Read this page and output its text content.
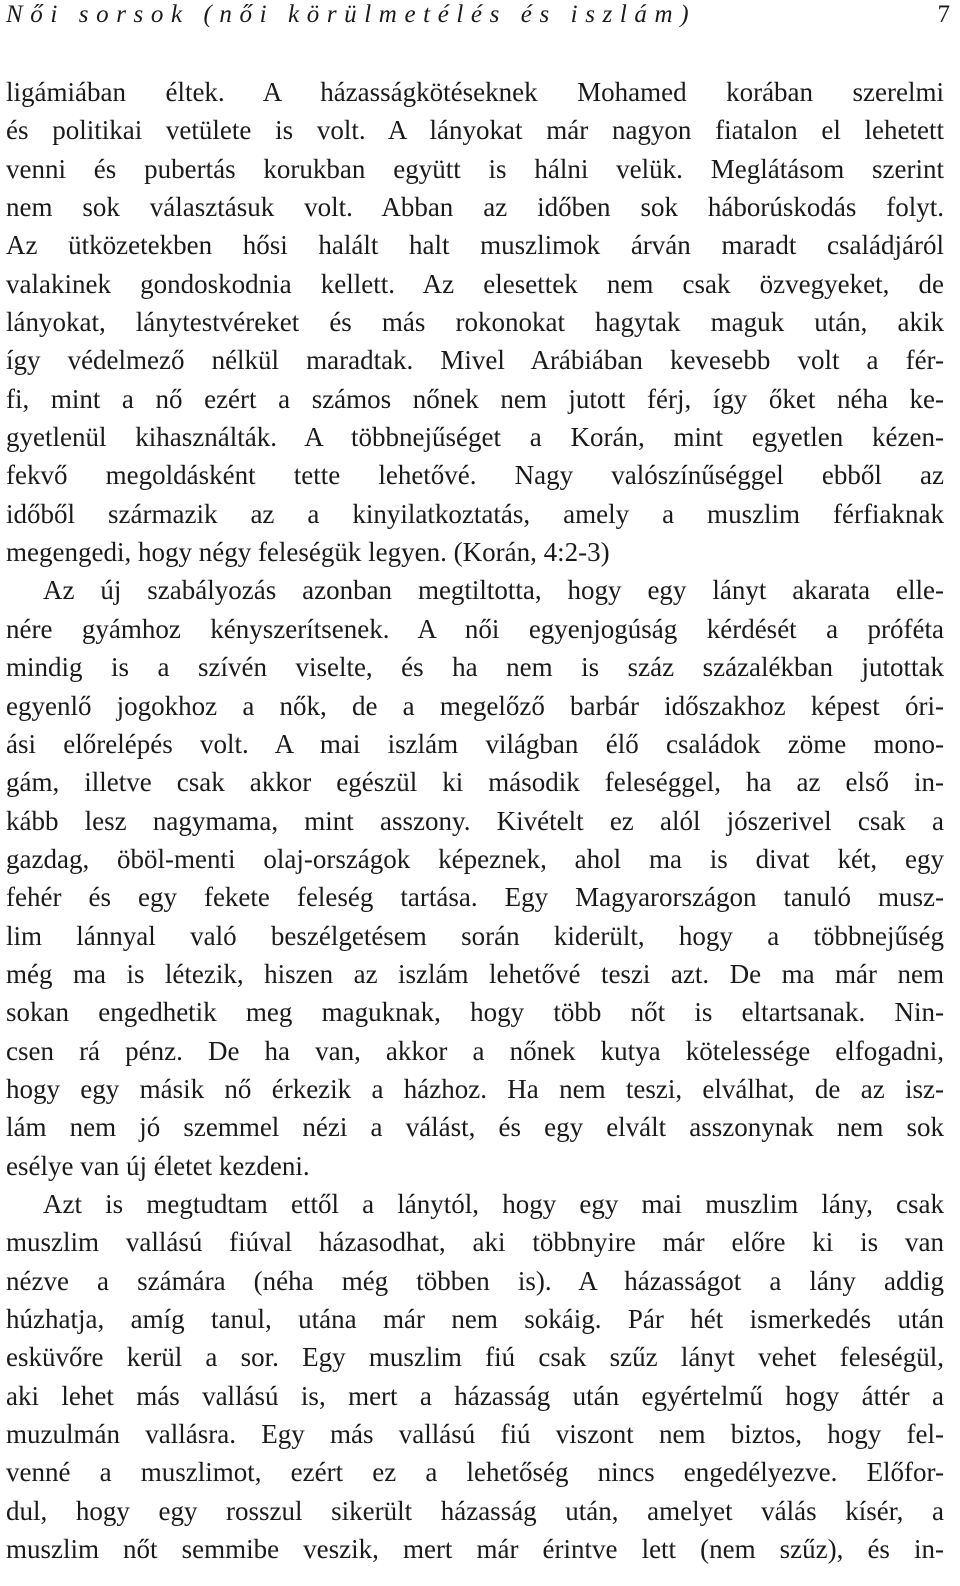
Női sorsok (női körülmetélés és iszlám)	7
ligámiában éltek. A házasságkötéseknek Mohamed korában szerelmi
és politikai vetülete is volt. A lányokat már nagyon fiatalon el lehetett
venni és pubertás korukban együtt is hálni velük. Meglátásom szerint
nem sok választásuk volt. Abban az időben sok háborúskodás folyt.
Az ütközetekben hősi halált halt muszlimok árván maradt családjáról
valakinek gondoskodnia kellett. Az elesettek nem csak özvegyeket, de
lányokat, lánytestvéreket és más rokonokat hagytak maguk után, akik
így védelmező nélkül maradtak. Mivel Arábiában kevesebb volt a fér-
fi, mint a nő ezért a számos nőnek nem jutott férj, így őket néha ke-
gyetlenül kihasználták. A többnejűséget a Korán, mint egyetlen kézen-
fekvő megoldásként tette lehetővé. Nagy valószínűséggel ebből az
időből származik az a kinyilatkoztatás, amely a muszlim férfiaknak
megengedi, hogy négy feleségük legyen. (Korán, 4:2-3)
Az új szabályozás azonban megtiltotta, hogy egy lányt akarata elle-
nére gyámhoz kényszerítsenek. A női egyenjogúság kérdését a próféta
mindig is a szívén viselte, és ha nem is száz százalékban jutottak
egyenlő jogokhoz a nők, de a megelőző barbár időszakhoz képest óri-
ási előrelépés volt. A mai iszlám világban élő családok zöme mono-
gám, illetve csak akkor egészül ki második feleséggel, ha az első in-
kább lesz nagymama, mint asszony. Kivételt ez alól jószerivel csak a
gazdag, öböl-menti olaj-országok képeznek, ahol ma is divat két, egy
fehér és egy fekete feleség tartása. Egy Magyarországon tanuló musz-
lim lánnyal való beszélgetésem során kiderült, hogy a többnejűség
még ma is létezik, hiszen az iszlám lehetővé teszi azt. De ma már nem
sokan engedhetik meg maguknak, hogy több nőt is eltartsanak. Nin-
csen rá pénz. De ha van, akkor a nőnek kutya kötelessége elfogadni,
hogy egy másik nő érkezik a házhoz. Ha nem teszi, elválhat, de az isz-
lám nem jó szemmel nézi a válást, és egy elvált asszonynak nem sok
esélye van új életet kezdeni.
Azt is megtudtam ettől a lánytól, hogy egy mai muszlim lány, csak
muszlim vallású fiúval házasodhat, aki többnyire már előre ki is van
nézve a számára (néha még többen is). A házasságot a lány addig
húzhatja, amíg tanul, utána már nem sokáig. Pár hét ismerkedés után
esküvőre kerül a sor. Egy muszlim fiú csak szűz lányt vehet feleségül,
aki lehet más vallású is, mert a házasság után egyértelmű hogy áttér a
muzulmán vallásra. Egy más vallású fiú viszont nem biztos, hogy fel-
venné a muszlimot, ezért ez a lehetőség nincs engedélyezve. Előfor-
dul, hogy egy rosszul sikerült házasság után, amelyet válás kísér, a
muszlim nőt semmibe veszik, mert már érintve lett (nem szűz), és in-
